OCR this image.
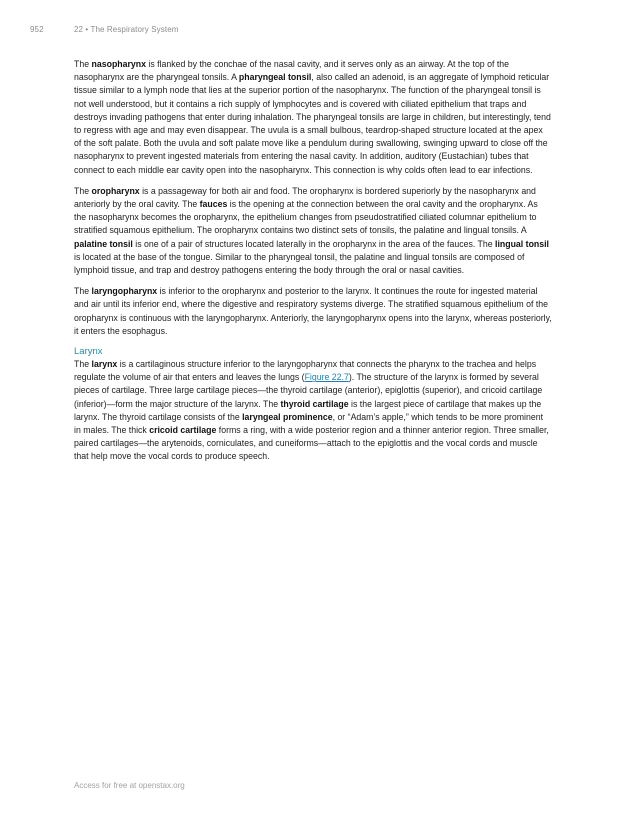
952	22 • The Respiratory System

The nasopharynx is flanked by the conchae of the nasal cavity, and it serves only as an airway. At the top of the nasopharynx are the pharyngeal tonsils. A pharyngeal tonsil, also called an adenoid, is an aggregate of lymphoid reticular tissue similar to a lymph node that lies at the superior portion of the nasopharynx. The function of the pharyngeal tonsil is not well understood, but it contains a rich supply of lymphocytes and is covered with ciliated epithelium that traps and destroys invading pathogens that enter during inhalation. The pharyngeal tonsils are large in children, but interestingly, tend to regress with age and may even disappear. The uvula is a small bulbous, teardrop-shaped structure located at the apex of the soft palate. Both the uvula and soft palate move like a pendulum during swallowing, swinging upward to close off the nasopharynx to prevent ingested materials from entering the nasal cavity. In addition, auditory (Eustachian) tubes that connect to each middle ear cavity open into the nasopharynx. This connection is why colds often lead to ear infections.

The oropharynx is a passageway for both air and food. The oropharynx is bordered superiorly by the nasopharynx and anteriorly by the oral cavity. The fauces is the opening at the connection between the oral cavity and the oropharynx. As the nasopharynx becomes the oropharynx, the epithelium changes from pseudostratified ciliated columnar epithelium to stratified squamous epithelium. The oropharynx contains two distinct sets of tonsils, the palatine and lingual tonsils. A palatine tonsil is one of a pair of structures located laterally in the oropharynx in the area of the fauces. The lingual tonsil is located at the base of the tongue. Similar to the pharyngeal tonsil, the palatine and lingual tonsils are composed of lymphoid tissue, and trap and destroy pathogens entering the body through the oral or nasal cavities.

The laryngopharynx is inferior to the oropharynx and posterior to the larynx. It continues the route for ingested material and air until its inferior end, where the digestive and respiratory systems diverge. The stratified squamous epithelium of the oropharynx is continuous with the laryngopharynx. Anteriorly, the laryngopharynx opens into the larynx, whereas posteriorly, it enters the esophagus.

Larynx

The larynx is a cartilaginous structure inferior to the laryngopharynx that connects the pharynx to the trachea and helps regulate the volume of air that enters and leaves the lungs (Figure 22.7). The structure of the larynx is formed by several pieces of cartilage. Three large cartilage pieces—the thyroid cartilage (anterior), epiglottis (superior), and cricoid cartilage (inferior)—form the major structure of the larynx. The thyroid cartilage is the largest piece of cartilage that makes up the larynx. The thyroid cartilage consists of the laryngeal prominence, or “Adam’s apple,” which tends to be more prominent in males. The thick cricoid cartilage forms a ring, with a wide posterior region and a thinner anterior region. Three smaller, paired cartilages—the arytenoids, corniculates, and cuneiforms—attach to the epiglottis and the vocal cords and muscle that help move the vocal cords to produce speech.

Access for free at openstax.org
